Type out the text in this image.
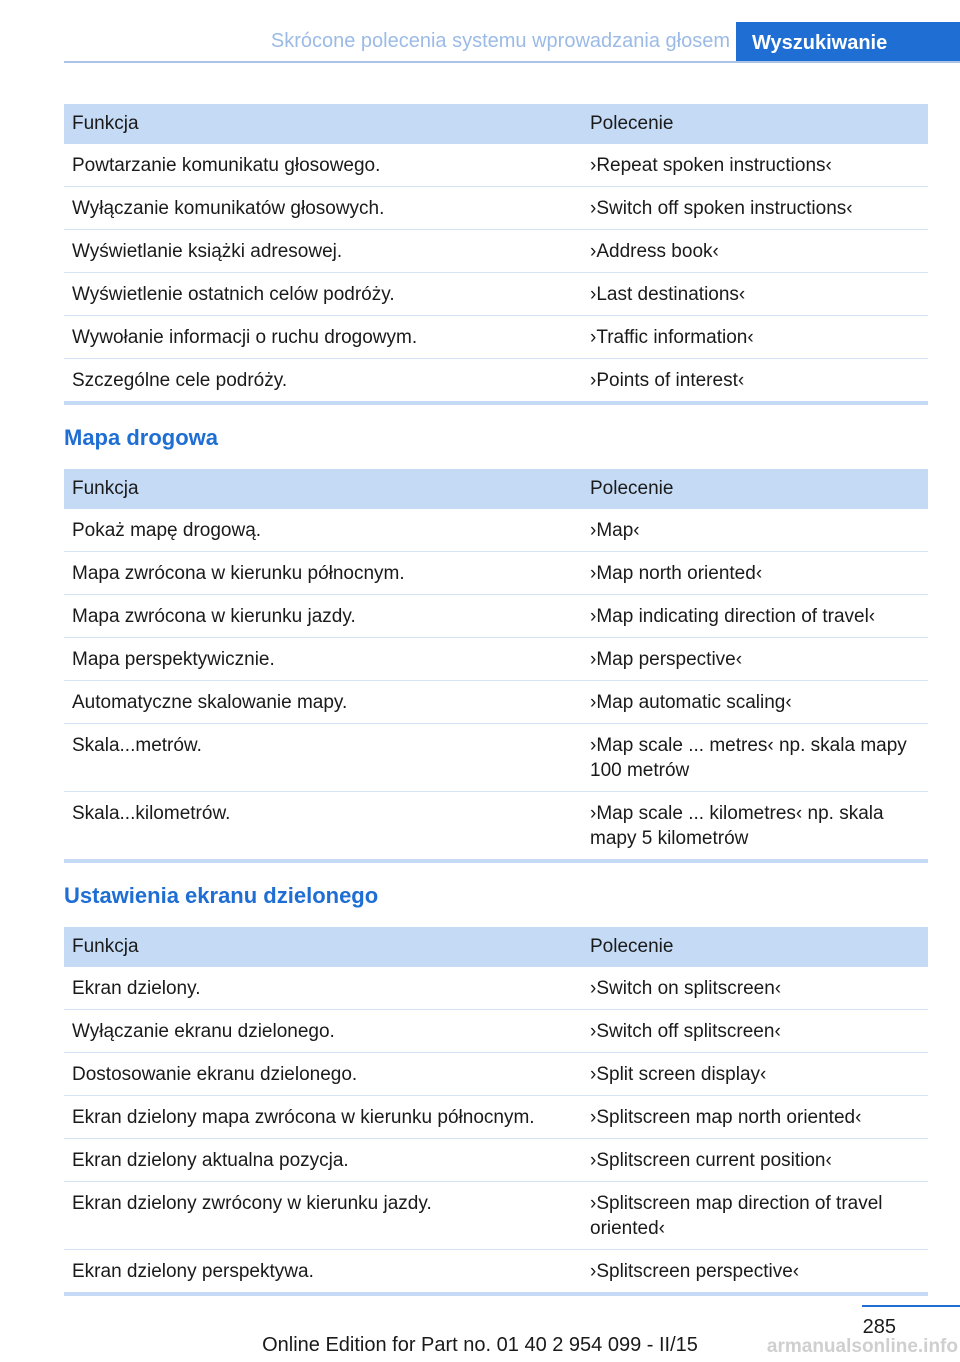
Skrócone polecenia systemu wprowadzania głosem	Wyszukiwanie
Funkcja	Polecenie
Powtarzanie komunikatu głosowego.	›Repeat spoken instructions‹
Wyłączanie komunikatów głosowych.	›Switch off spoken instructions‹
Wyświetlanie książki adresowej.	›Address book‹
Wyświetlenie ostatnich celów podróży.	›Last destinations‹
Wywołanie informacji o ruchu drogowym.	›Traffic information‹
Szczególne cele podróży.	›Points of interest‹
Mapa drogowa
Funkcja	Polecenie
Pokaż mapę drogową.	›Map‹
Mapa zwrócona w kierunku północnym.	›Map north oriented‹
Mapa zwrócona w kierunku jazdy.	›Map indicating direction of travel‹
Mapa perspektywicznie.	›Map perspective‹
Automatyczne skalowanie mapy.	›Map automatic scaling‹
Skala...metrów.	›Map scale ... metres‹ np. skala mapy 100 metrów
Skala...kilometrów.	›Map scale ... kilometres‹ np. skala mapy 5 kilometrów
Ustawienia ekranu dzielonego
Funkcja	Polecenie
Ekran dzielony.	›Switch on splitscreen‹
Wyłączanie ekranu dzielonego.	›Switch off splitscreen‹
Dostosowanie ekranu dzielonego.	›Split screen display‹
Ekran dzielony mapa zwrócona w kierunku północnym.	›Splitscreen map north oriented‹
Ekran dzielony aktualna pozycja.	›Splitscreen current position‹
Ekran dzielony zwrócony w kierunku jazdy.	›Splitscreen map direction of travel oriented‹
Ekran dzielony perspektywa.	›Splitscreen perspective‹
285
Online Edition for Part no. 01 40 2 954 099 - II/15	armanualsonline.info
